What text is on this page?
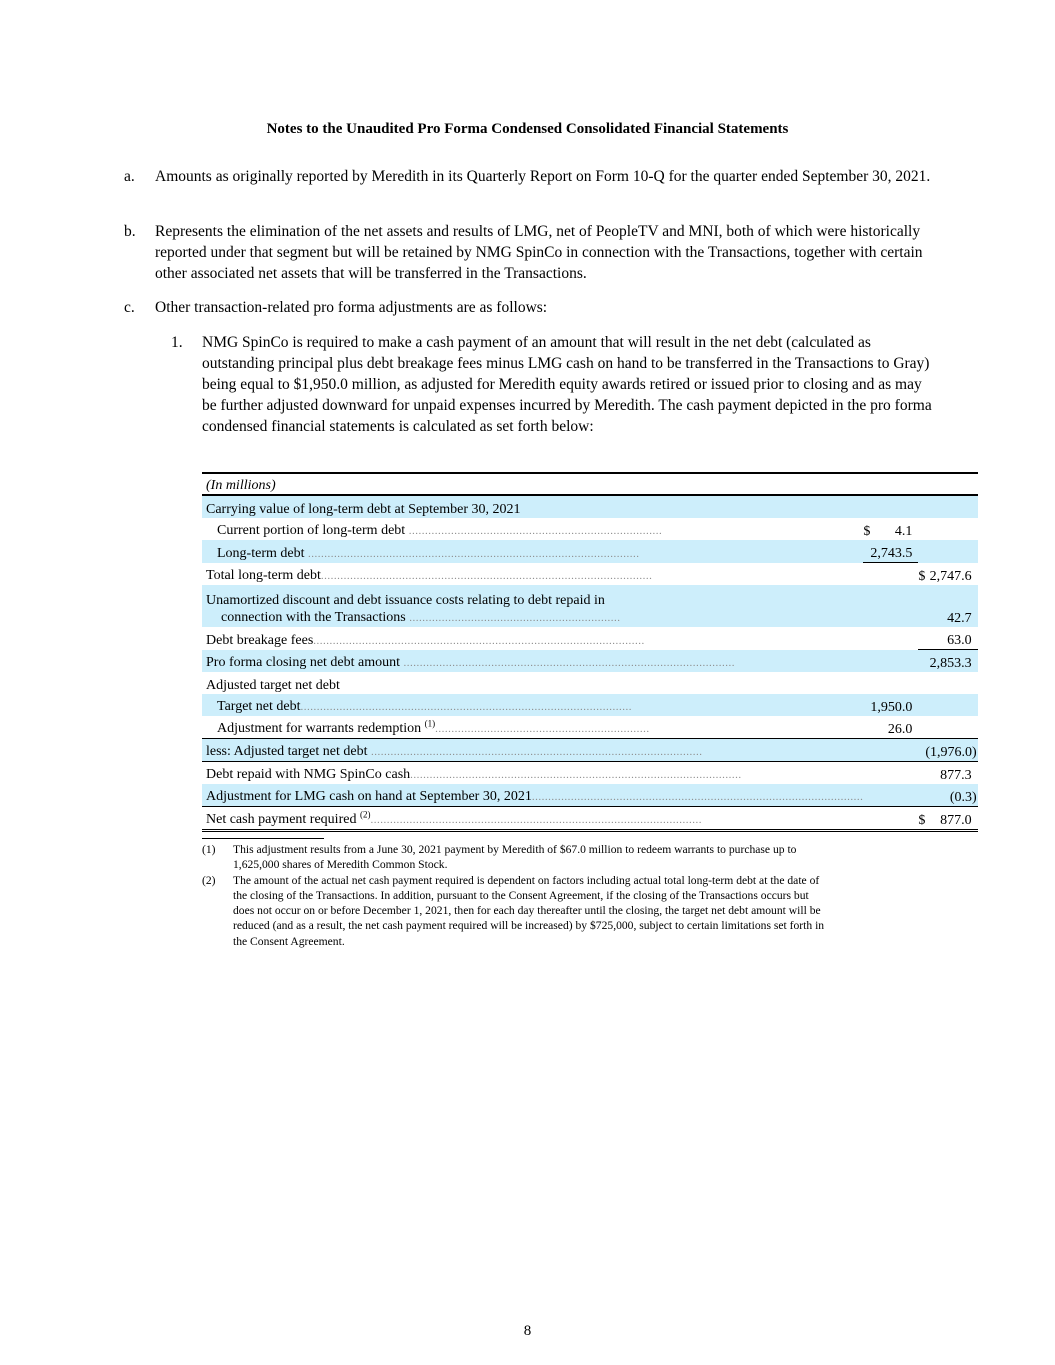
Notes to the Unaudited Pro Forma Condensed Consolidated Financial Statements
a. Amounts as originally reported by Meredith in its Quarterly Report on Form 10-Q for the quarter ended September 30, 2021.
b. Represents the elimination of the net assets and results of LMG, net of PeopleTV and MNI, both of which were historically reported under that segment but will be retained by NMG SpinCo in connection with the Transactions, together with certain other associated net assets that will be transferred in the Transactions.
c. Other transaction-related pro forma adjustments are as follows:
1. NMG SpinCo is required to make a cash payment of an amount that will result in the net debt (calculated as outstanding principal plus debt breakage fees minus LMG cash on hand to be transferred in the Transactions to Gray) being equal to $1,950.0 million, as adjusted for Meredith equity awards retired or issued prior to closing and as may be further adjusted downward for unpaid expenses incurred by Meredith. The cash payment depicted in the pro forma condensed financial statements is calculated as set forth below:
(In millions)				
Carrying value of long-term debt at September 30, 2021					
Current portion of long-term debt ..............................................................................	$	4.1			
Long-term debt ......................................................................................................		2,743.5			
Total long-term debt......................................................................................................				$	2,747.6
Unamortized discount and debt issuance costs relating to debt repaid in
connection with the Transactions .................................................................					42.7
Debt breakage fees......................................................................................................					63.0
Pro forma closing net debt amount ......................................................................................................					2,853.3
Adjusted target net debt					
Target net debt......................................................................................................		1,950.0			
Adjustment for warrants redemption $^{(1)}$..................................................................		26.0			
less: Adjusted target net debt ......................................................................................................					(1,976.0)
Debt repaid with NMG SpinCo cash......................................................................................................					877.3
Adjustment for LMG cash on hand at September 30, 2021......................................................................................................					(0.3)
Net cash payment required $^{(2)}$......................................................................................................				$	877.0
(1) This adjustment results from a June 30, 2021 payment by Meredith of $67.0 million to redeem warrants to purchase up to 1,625,000 shares of Meredith Common Stock.
(2) The amount of the actual net cash payment required is dependent on factors including actual total long-term debt at the date of the closing of the Transactions. In addition, pursuant to the Consent Agreement, if the closing of the Transactions occurs but does not occur on or before December 1, 2021, then for each day thereafter until the closing, the target net debt amount will be reduced (and as a result, the net cash payment required will be increased) by $725,000, subject to certain limitations set forth in the Consent Agreement.
8
